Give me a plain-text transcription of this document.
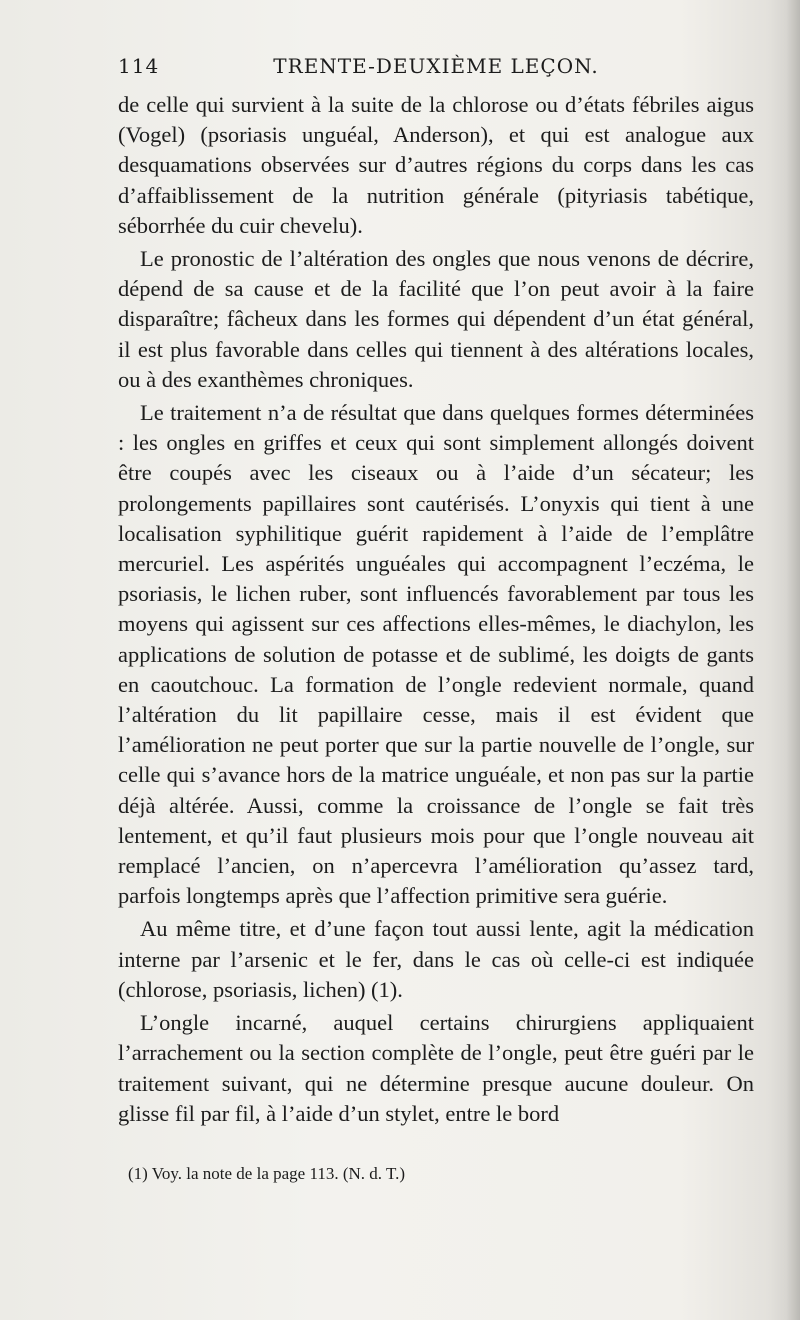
114	TRENTE-DEUXIÈME LEÇON.

de celle qui survient à la suite de la chlorose ou d’états fébriles aigus (Vogel) (psoriasis unguéal, Anderson), et qui est analogue aux desquamations observées sur d’autres régions du corps dans les cas d’affaiblissement de la nutrition générale (pityriasis tabétique, séborrhée du cuir chevelu).

Le pronostic de l’altération des ongles que nous venons de décrire, dépend de sa cause et de la facilité que l’on peut avoir à la faire disparaître; fâcheux dans les formes qui dépendent d’un état général, il est plus favorable dans celles qui tiennent à des altérations locales, ou à des exanthèmes chroniques.

Le traitement n’a de résultat que dans quelques formes déterminées : les ongles en griffes et ceux qui sont simplement allongés doivent être coupés avec les ciseaux ou à l’aide d’un sécateur; les prolongements papillaires sont cautérisés. L’onyxis qui tient à une localisation syphilitique guérit rapidement à l’aide de l’emplâtre mercuriel. Les aspérités unguéales qui accompagnent l’eczéma, le psoriasis, le lichen ruber, sont influencés favorablement par tous les moyens qui agissent sur ces affections elles-mêmes, le diachylon, les applications de solution de potasse et de sublimé, les doigts de gants en caoutchouc. La formation de l’ongle redevient normale, quand l’altération du lit papillaire cesse, mais il est évident que l’amélioration ne peut porter que sur la partie nouvelle de l’ongle, sur celle qui s’avance hors de la matrice unguéale, et non pas sur la partie déjà altérée. Aussi, comme la croissance de l’ongle se fait très lentement, et qu’il faut plusieurs mois pour que l’ongle nouveau ait remplacé l’ancien, on n’apercevra l’amélioration qu’assez tard, parfois longtemps après que l’affection primitive sera guérie.

Au même titre, et d’une façon tout aussi lente, agit la médication interne par l’arsenic et le fer, dans le cas où celle-ci est indiquée (chlorose, psoriasis, lichen) (1).

L’ongle incarné, auquel certains chirurgiens appliquaient l’arrachement ou la section complète de l’ongle, peut être guéri par le traitement suivant, qui ne détermine presque aucune douleur. On glisse fil par fil, à l’aide d’un stylet, entre le bord

(1) Voy. la note de la page 113. (N. d. T.)
